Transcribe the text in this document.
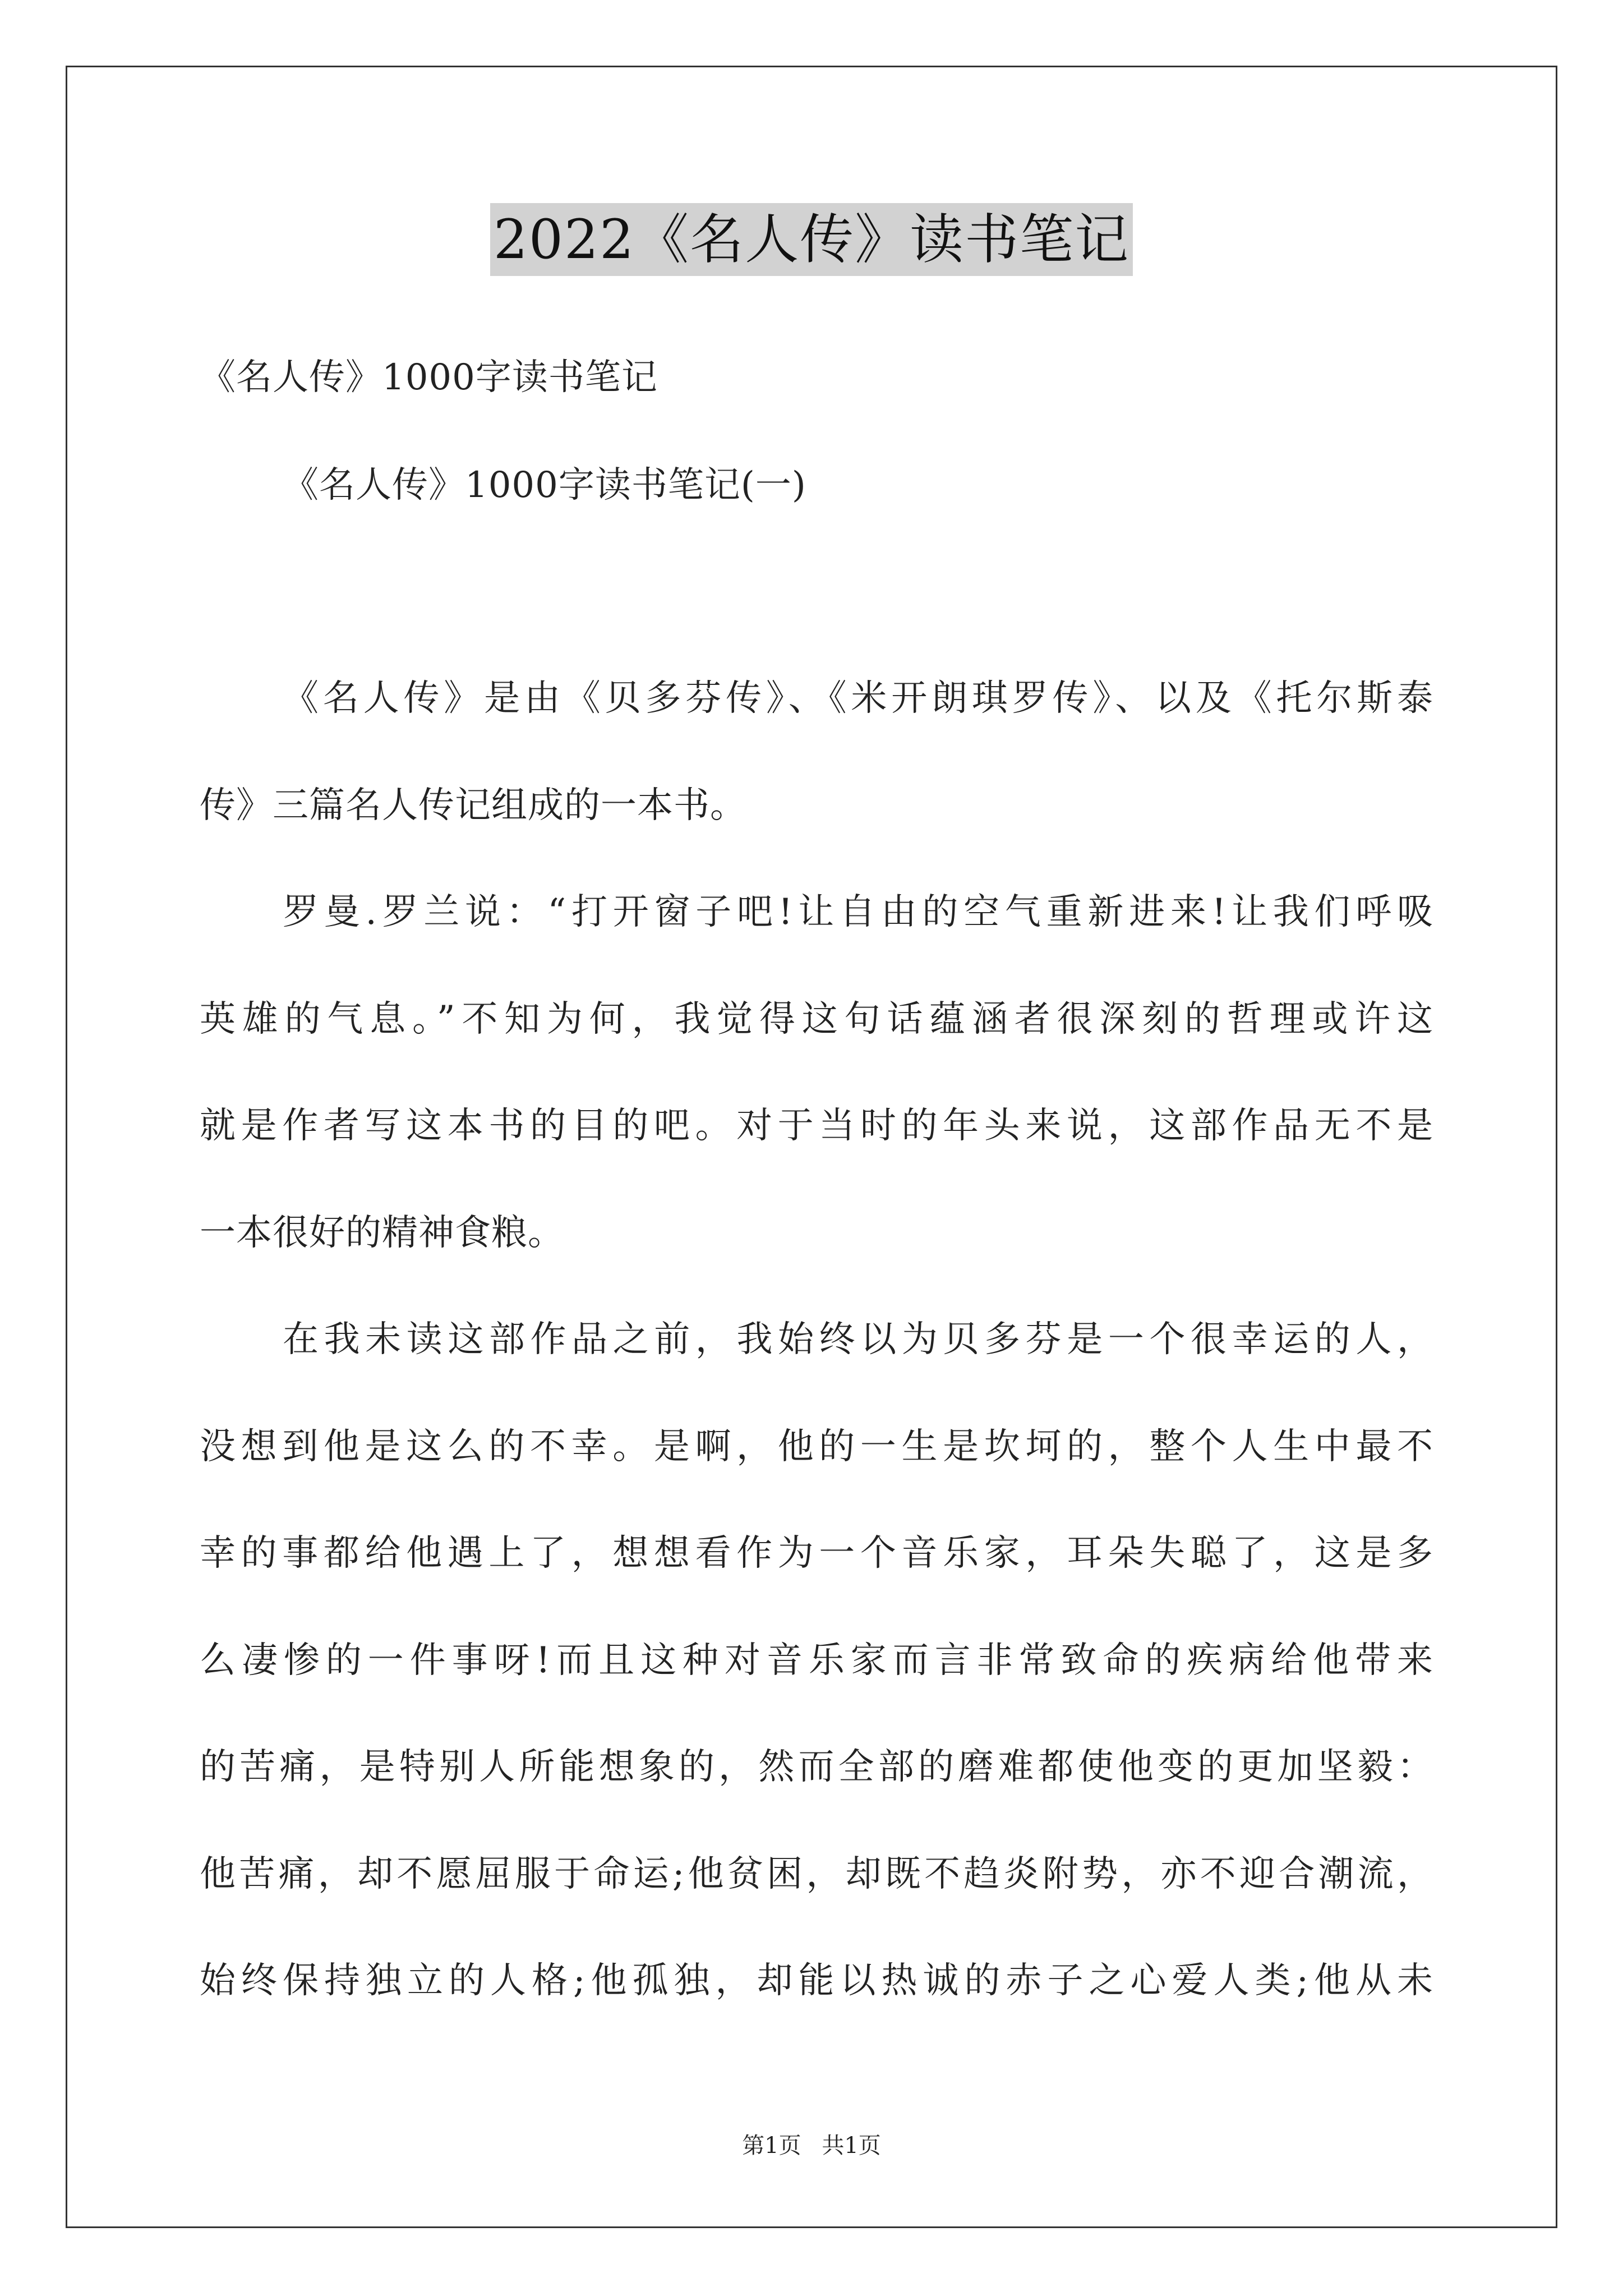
2022《名人传》读书笔记
《名人传》1000字读书笔记
《名人传》1000字读书笔记(一)
《名人传》是由《贝多芬传》、《米开朗琪罗传》、以及《托尔斯泰
传》三篇名人传记组成的一本书。
罗曼.罗兰说：“打开窗子吧!让自由的空气重新进来!让我们呼吸
英雄的气息。”不知为何，我觉得这句话蕴涵者很深刻的哲理或许这
就是作者写这本书的目的吧。对于当时的年头来说，这部作品无不是
一本很好的精神食粮。
在我未读这部作品之前，我始终以为贝多芬是一个很幸运的人，
没想到他是这么的不幸。是啊，他的一生是坎坷的，整个人生中最不
幸的事都给他遇上了，想想看作为一个音乐家，耳朵失聪了，这是多
么凄惨的一件事呀!而且这种对音乐家而言非常致命的疾病给他带来
的苦痛，是特别人所能想象的，然而全部的磨难都使他变的更加坚毅：
他苦痛，却不愿屈服于命运;他贫困，却既不趋炎附势，亦不迎合潮流，
始终保持独立的人格;他孤独，却能以热诚的赤子之心爱人类;他从未
第1页 共1页
